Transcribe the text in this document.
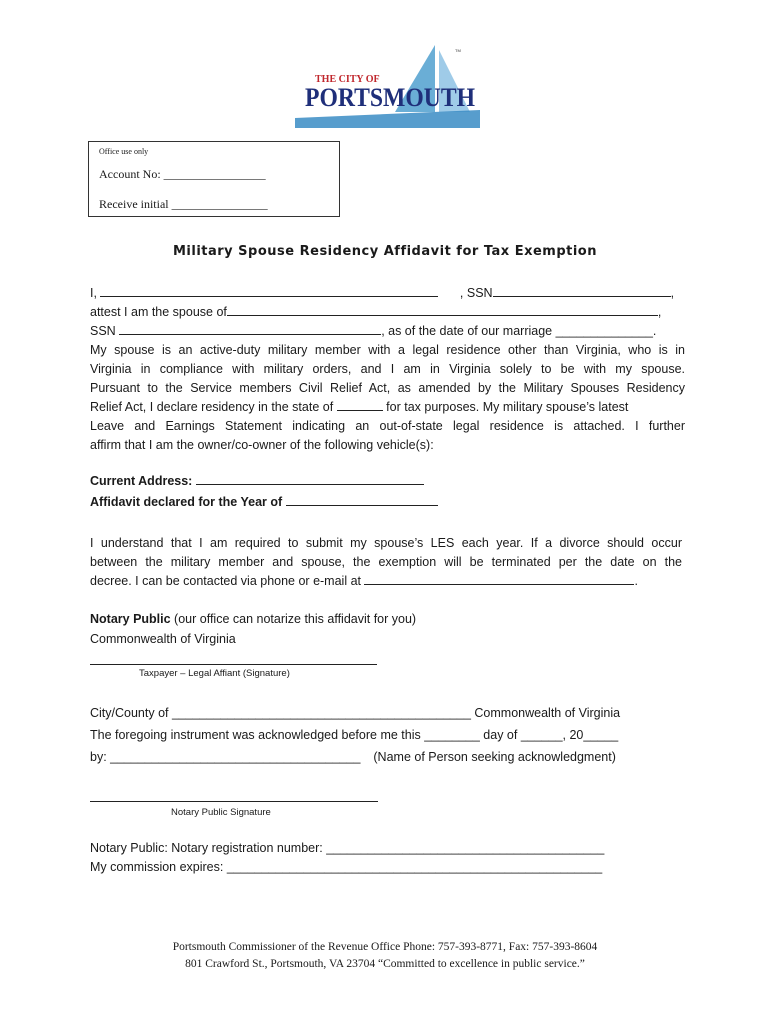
THE CITY OF
PORTSMOUTH
TM
Office use only
Account No: _________________
Receive initial ________________
Military Spouse Residency Affidavit for Tax Exemption
I,	, SSN	,
attest I am the spouse of	,
SSN	, as of the date of our marriage ______________.
My spouse is an active-duty military member with a legal residence other than Virginia, who is in
Virginia in compliance with military orders, and I am in Virginia solely to be with my spouse.
Pursuant to the Service members Civil Relief Act, as amended by the Military Spouses Residency
Relief Act, I declare residency in the state of	for tax purposes. My military spouse’s latest
Leave and Earnings Statement indicating an out-of-state legal residence is attached. I further
affirm that I am the owner/co-owner of the following vehicle(s):
Current Address:
Affidavit declared for the Year of
I understand that I am required to submit my spouse’s LES each year. If a divorce should occur
between the military member and spouse, the exemption will be terminated per the date on the
decree. I can be contacted via phone or e-mail at	.
Notary Public (our office can notarize this affidavit for you)
Commonwealth of Virginia
Taxpayer – Legal Affiant (Signature)
City/County of ___________________________________________ Commonwealth of Virginia
The foregoing instrument was acknowledged before me this ________ day of ______, 20_____
by: ____________________________________ (Name of Person seeking acknowledgment)
Notary Public Signature
Notary Public: Notary registration number: ________________________________________
My commission expires: ______________________________________________________
Portsmouth Commissioner of the Revenue Office Phone: 757-393-8771, Fax: 757-393-8604
801 Crawford St., Portsmouth, VA 23704 “Committed to excellence in public service.”
